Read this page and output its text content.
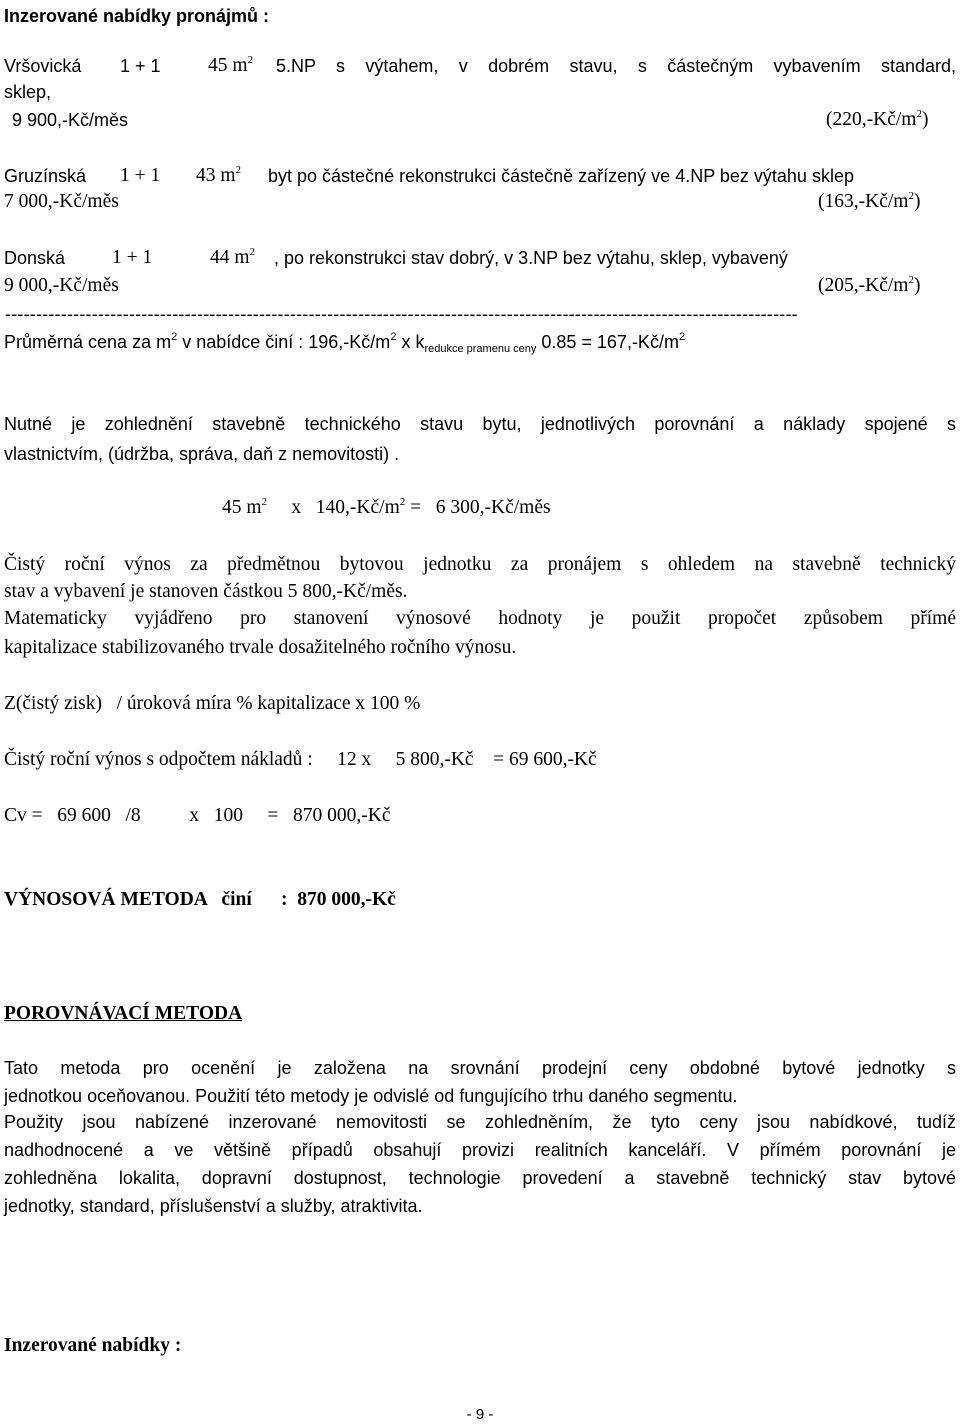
Inzerované nabídky pronájmů :
Vršovická 1 + 1 45 $m^2$ 5.NP s výtahem, v dobrém stavu, s částečným vybavením standard,
sklep,
9 900,-Kč/měs	$(220,-Kč/m^2)$
Gruzínská 1 + 1 43 $m^2$ byt po částečné rekonstrukci částečně zařízený ve 4.NP bez výtahu sklep
7 000,-Kč/měs	$(163,-Kč/m^2)$
Donská 1 + 1	44 $m^2$ , po rekonstrukci stav dobrý, v 3.NP bez výtahu, sklep, vybavený
9 000,-Kč/měs	$(205,-Kč/m^2)$
--------------------------------------------------------------------------------------------------------------------------------
Průměrná cena za $m^2$ v nabídce činí : $196,-Kč/m^2$ x $k_{redukce pramenu ceny}$ $0.85 = 167,-Kč/m^2$
Nutné je zohlednění stavebně technického stavu bytu, jednotlivých porovnání a náklady spojené s
vlastnictvím, (údržba, správa, daň z nemovitosti) .
45 $m^2$     x   $140,-Kč/m^2 = 6$ 300,-Kč/měs
Čistý roční výnos za předmětnou bytovou jednotku za pronájem s ohledem na stavebně technický
stav a vybavení je stanoven částkou 5 800,-Kč/měs.
Matematicky vyjádřeno pro stanovení výnosové hodnoty je použit propočet způsobem přímé
kapitalizace stabilizovaného trvale dosažitelného ročního výnosu.
Z(čistý zisk)   / úroková míra % kapitalizace x 100 %
Čistý roční výnos s odpočtem nákladů :     12 x     5 800,-Kč    = 69 600,-Kč
Cv =   69 600   /8          x   100     =   870 000,-Kč
VÝNOSOVÁ METODA   činí      :  870 000,-Kč
POROVNÁVACÍ METODA
Tato metoda pro ocenění je založena na srovnání prodejní ceny obdobné bytové jednotky s
jednotkou oceňovanou. Použití této metody je odvislé od fungujícího trhu daného segmentu.
Použity jsou nabízené inzerované nemovitosti se zohledněním, že tyto ceny jsou nabídkové, tudíž
nadhodnocené a ve většině případů obsahují provizi realitních kanceláří. V přímém porovnání je
zohledněna lokalita, dopravní dostupnost, technologie provedení a stavebně technický stav bytové
jednotky, standard, příslušenství a služby, atraktivita.
Inzerované nabídky :
- 9 -
